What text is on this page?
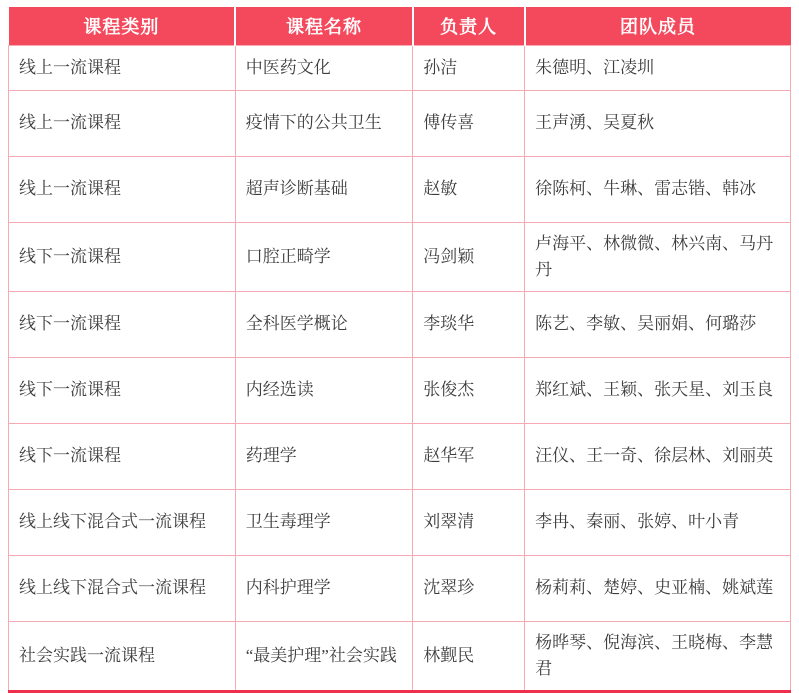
课程类别	课程名称	负责人	团队成员
线上一流课程	中医药文化	孙洁	朱德明、江凌圳
线上一流课程	疫情下的公共卫生	傅传喜	王声湧、吴夏秋
线上一流课程	超声诊断基础	赵敏	徐陈柯、牛琳、雷志锴、韩冰
线下一流课程	口腔正畸学	冯剑颖	卢海平、林微微、林兴南、马丹丹
线下一流课程	全科医学概论	李琰华	陈艺、李敏、吴丽娟、何璐莎
线下一流课程	内经选读	张俊杰	郑红斌、王颖、张天星、刘玉良
线下一流课程	药理学	赵华军	汪仪、王一奇、徐层林、刘丽英
线上线下混合式一流课程	卫生毒理学	刘翠清	李冉、秦丽、张婷、叶小青
线上线下混合式一流课程	内科护理学	沈翠珍	杨莉莉、楚婷、史亚楠、姚斌莲
社会实践一流课程	“最美护理”社会实践	林觐民	杨晔琴、倪海滨、王晓梅、李慧君
